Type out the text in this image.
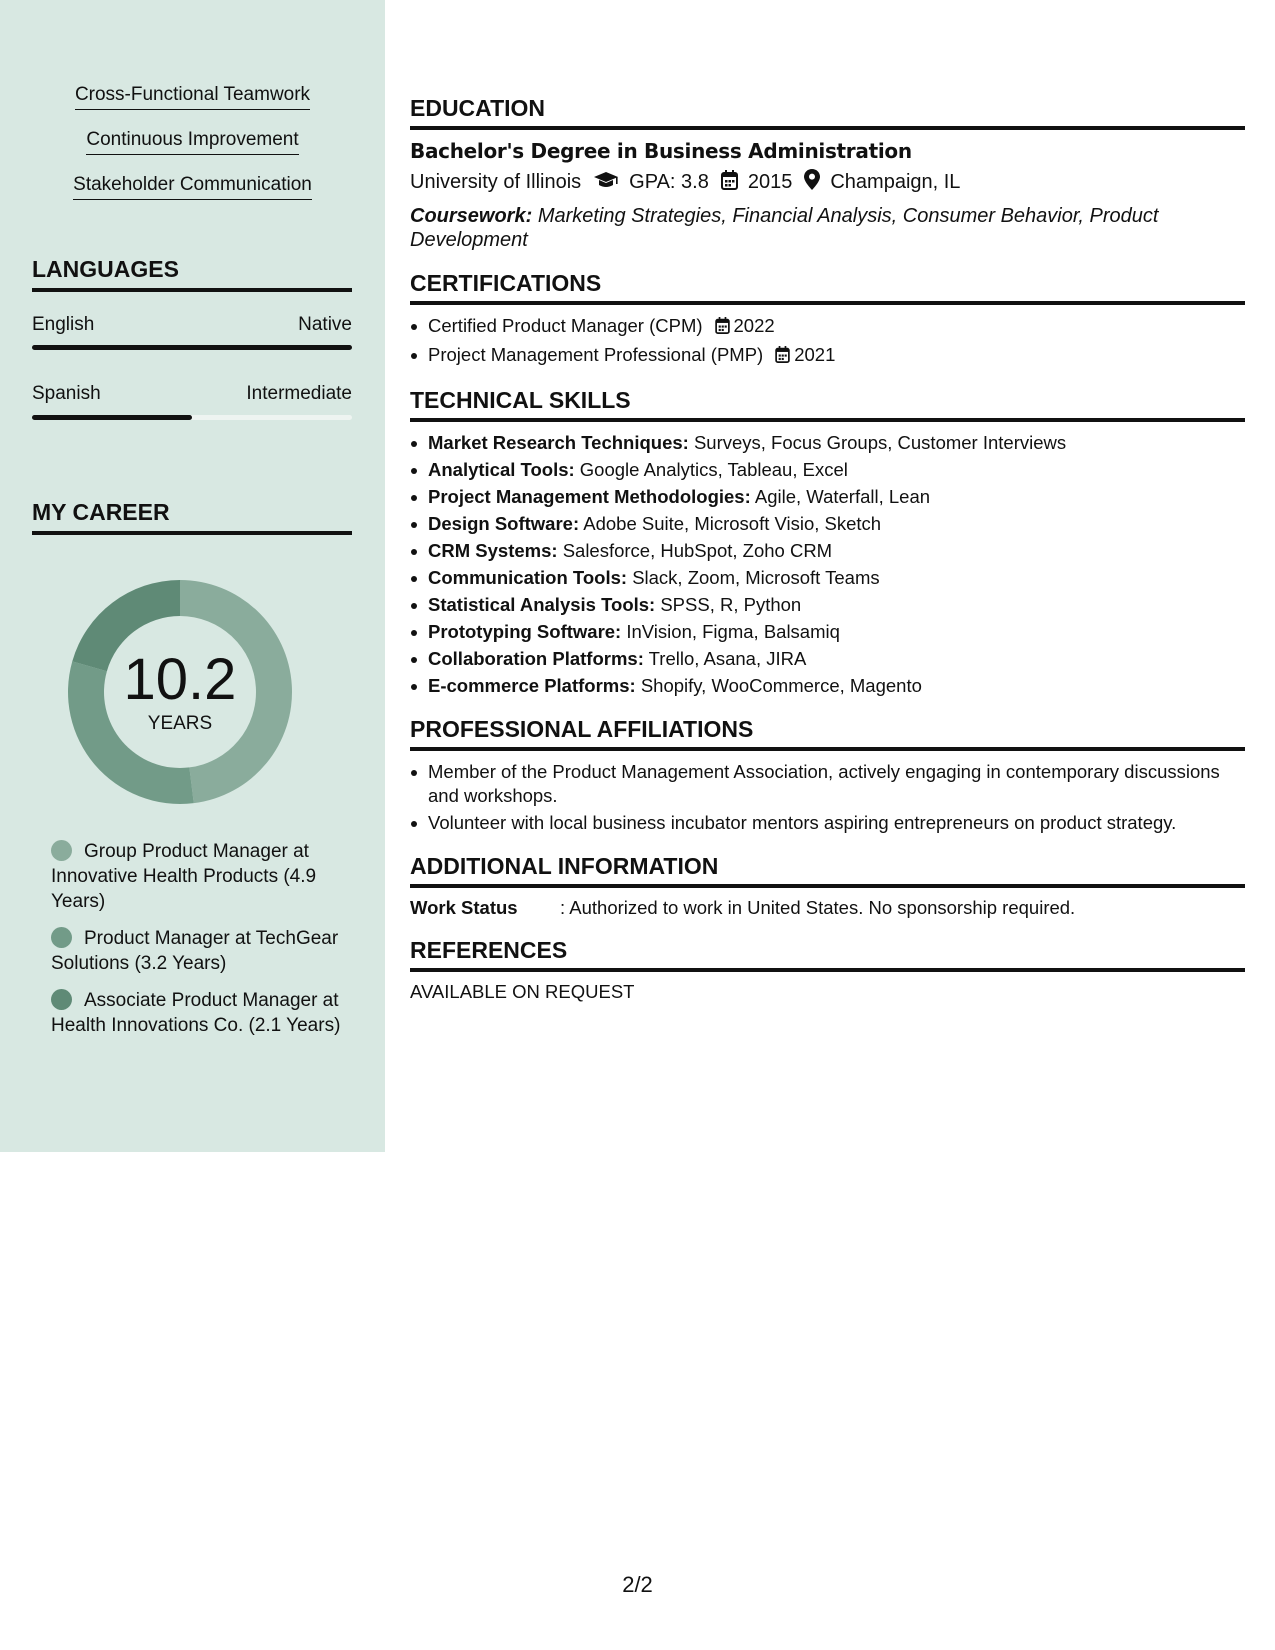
Cross-Functional Teamwork
Continuous Improvement
Stakeholder Communication
LANGUAGES
English	Native
Spanish	Intermediate
MY CAREER
10.2
YEARS
Group Product Manager at Innovative Health Products (4.9 Years)
Product Manager at TechGear Solutions (3.2 Years)
Associate Product Manager at Health Innovations Co. (2.1 Years)
EDUCATION
Bachelor's Degree in Business Administration
University of Illinois GPA: 3.8 2015 Champaign, IL
Coursework: Marketing Strategies, Financial Analysis, Consumer Behavior, Product Development
CERTIFICATIONS
Certified Product Manager (CPM) 2022
Project Management Professional (PMP) 2021
TECHNICAL SKILLS
Market Research Techniques: Surveys, Focus Groups, Customer Interviews
Analytical Tools: Google Analytics, Tableau, Excel
Project Management Methodologies: Agile, Waterfall, Lean
Design Software: Adobe Suite, Microsoft Visio, Sketch
CRM Systems: Salesforce, HubSpot, Zoho CRM
Communication Tools: Slack, Zoom, Microsoft Teams
Statistical Analysis Tools: SPSS, R, Python
Prototyping Software: InVision, Figma, Balsamiq
Collaboration Platforms: Trello, Asana, JIRA
E-commerce Platforms: Shopify, WooCommerce, Magento
PROFESSIONAL AFFILIATIONS
Member of the Product Management Association, actively engaging in contemporary discussions and workshops.
Volunteer with local business incubator mentors aspiring entrepreneurs on product strategy.
ADDITIONAL INFORMATION
Work Status	: Authorized to work in United States. No sponsorship required.
REFERENCES
AVAILABLE ON REQUEST
2/2
